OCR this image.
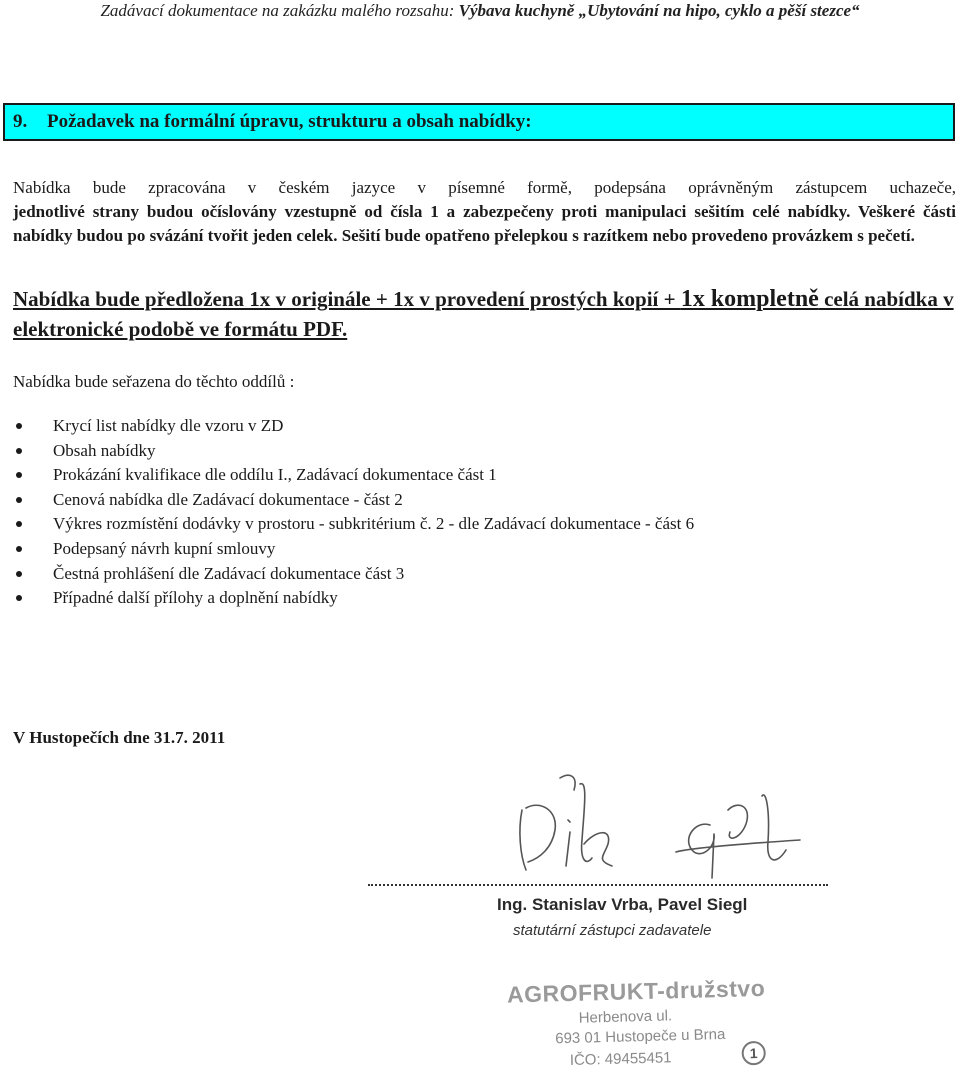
Zadávací dokumentace na zakázku malého rozsahu: Výbava kuchyně „Ubytování na hipo, cyklo a pěší stezce“
9. Požadavek na formální úpravu, strukturu a obsah nabídky:
Nabídka bude zpracována v českém jazyce v písemné formě, podepsána oprávněným zástupcem uchazeče,
jednotlivé strany budou očíslovány vzestupně od čísla 1 a zabezpečeny proti manipulaci sešitím celé nabídky. Veškeré části nabídky budou po svázání tvořit jeden celek. Sešití bude opatřeno přelepkou s razítkem nebo provedeno provázkem s pečetí.
Nabídka bude předložena 1x v originále + 1x v provedení prostých kopií + 1x kompletně celá nabídka v elektronické podobě ve formátu PDF.
Nabídka bude seřazena do těchto oddílů :
Krycí list nabídky dle vzoru v ZD
Obsah nabídky
Prokázání kvalifikace dle oddílu I., Zadávací dokumentace část 1
Cenová nabídka dle Zadávací dokumentace - část 2
Výkres rozmístění dodávky v prostoru - subkritérium č. 2 - dle Zadávací dokumentace - část 6
Podepsaný návrh kupní smlouvy
Čestná prohlášení dle Zadávací dokumentace část 3
Případné další přílohy a doplnění nabídky
V Hustopečích dne 31.7. 2011
Ing. Stanislav Vrba, Pavel Siegl
statutární zástupci zadavatele
AGROFRUKT-družstvo
Herbenova ul.
693 01 Hustopeče u Brna
IČO: 49455451	1
